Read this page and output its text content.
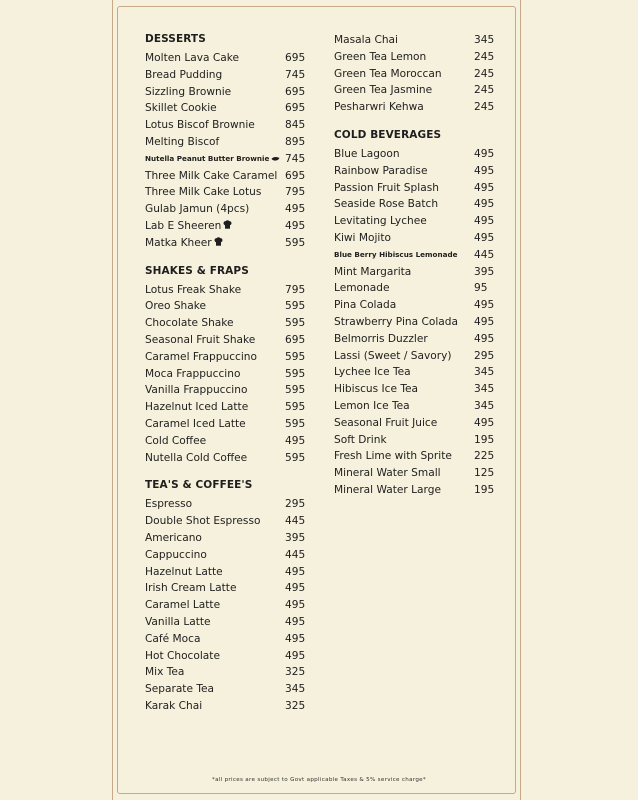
DESSERTS
Molten Lava Cake	695
Bread Pudding	745
Sizzling Brownie	695
Skillet Cookie	695
Lotus Biscof Brownie	845
Melting Biscof	895
Nutella Peanut Butter Brownie	745
Three Milk Cake Caramel 695
Three Milk Cake Lotus 795
Gulab Jamun (4pcs)	495
Lab E Sheeren	495
Matka Kheer	595
SHAKES & FRAPS
Lotus Freak Shake	795
Oreo Shake	595
Chocolate Shake	595
Seasonal Fruit Shake	695
Caramel Frappuccino	595
Moca Frappuccino	595
Vanilla Frappuccino	595
Hazelnut Iced Latte	595
Caramel Iced Latte	595
Cold Coffee	495
Nutella Cold Coffee	595
TEA'S & COFFEE'S
Espresso	295
Double Shot Espresso 445
Americano	395
Cappuccino	445
Hazelnut Latte	495
Irish Cream Latte	495
Caramel Latte	495
Vanilla Latte	495
Café Moca	495
Hot Chocolate	495
Mix Tea	325
Separate Tea	345
Karak Chai	325
Masala Chai	345
Green Tea Lemon	245
Green Tea Moroccan	245
Green Tea Jasmine	245
Pesharwri Kehwa	245
COLD BEVERAGES
Blue Lagoon	495
Rainbow Paradise	495
Passion Fruit Splash	495
Seaside Rose Batch	495
Levitating Lychee	495
Kiwi Mojito	495
Blue Berry Hibiscus Lemonade 445
Mint Margarita	395
Lemonade	95
Pina Colada	495
Strawberry Pina Colada 495
Belmorris Duzzler	495
Lassi (Sweet / Savory) 295
Lychee Ice Tea	345
Hibiscus Ice Tea	345
Lemon Ice Tea	345
Seasonal Fruit Juice	495
Soft Drink	195
Fresh Lime with Sprite 225
Mineral Water Small	125
Mineral Water Large	195
*all prices are subject to Govt applicable Taxes & 5% service charge*
